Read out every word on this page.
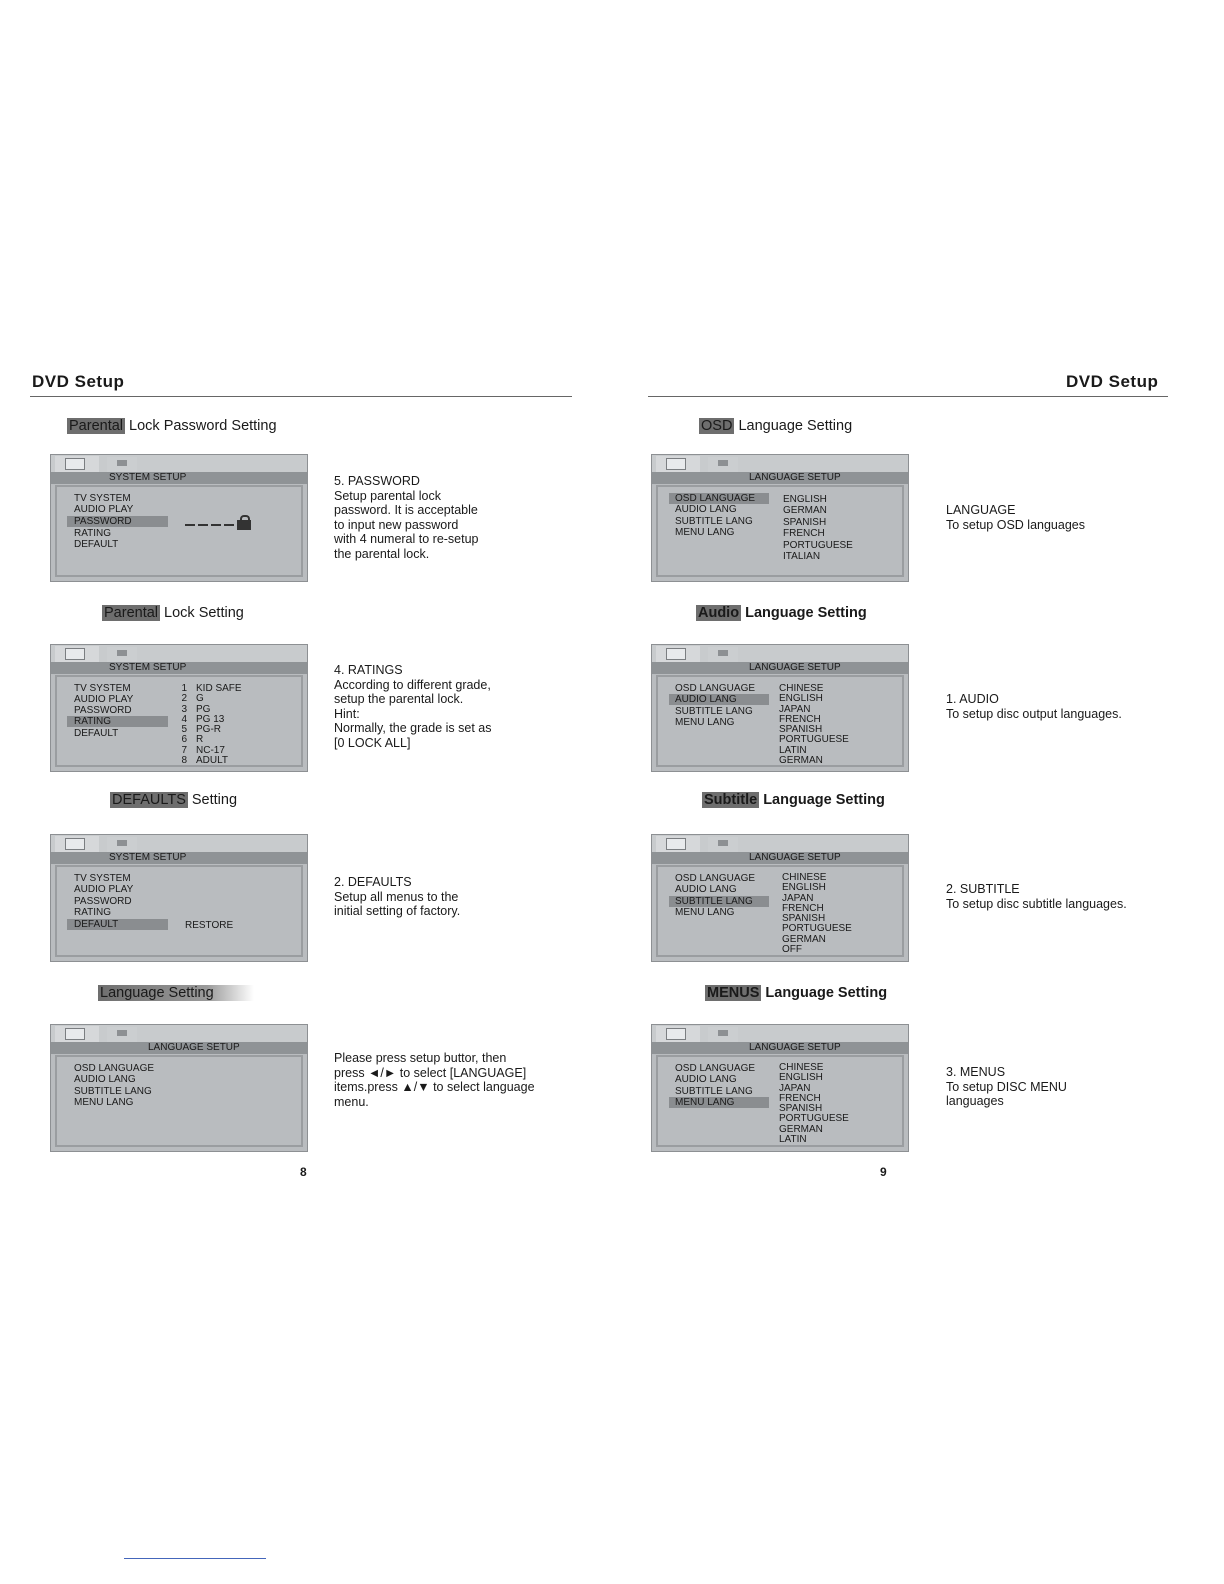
DVD Setup	DVD Setup
Parental Lock Password Setting
SYSTEM SETUP
TV SYSTEM
AUDIO PLAY
PASSWORD
RATING
DEFAULT
5. PASSWORD
Setup parental lock
password. It is acceptable
to input new password
with 4 numeral to re-setup
the parental lock.
Parental Lock Setting
SYSTEM SETUP
TV SYSTEM
AUDIO PLAY
PASSWORD
RATING
DEFAULT
1
2
3
4
5
6
7
8
KID SAFE
G
PG
PG 13
PG-R
R
NC-17
ADULT
4. RATINGS
According to different grade,
setup the parental lock.
Hint:
Normally, the grade is set as
[0 LOCK ALL]
DEFAULTS Setting
SYSTEM SETUP
TV SYSTEM
AUDIO PLAY
PASSWORD
RATING
DEFAULT	RESTORE
2. DEFAULTS
Setup all menus to the
initial setting of factory.
Language Setting
LANGUAGE SETUP
OSD LANGUAGE
AUDIO LANG
SUBTITLE LANG
MENU LANG
Please press setup buttor, then
press ◄/► to select [LANGUAGE]
items.press ▲/▼ to select language
menu.
8
OSD Language Setting
LANGUAGE SETUP
OSD LANGUAGE
AUDIO LANG
SUBTITLE LANG
MENU LANG
ENGLISH
GERMAN
SPANISH
FRENCH
PORTUGUESE
ITALIAN
LANGUAGE
To setup OSD languages
Audio Language Setting
LANGUAGE SETUP
OSD LANGUAGE
AUDIO LANG
SUBTITLE LANG
MENU LANG
CHINESE
ENGLISH
JAPAN
FRENCH
SPANISH
PORTUGUESE
LATIN
GERMAN
1. AUDIO
To setup disc output languages.
Subtitle Language Setting
LANGUAGE SETUP
OSD LANGUAGE
AUDIO LANG
SUBTITLE LANG
MENU LANG
CHINESE
ENGLISH
JAPAN
FRENCH
SPANISH
PORTUGUESE
GERMAN
OFF
2. SUBTITLE
To setup disc subtitle languages.
MENUS Language Setting
LANGUAGE SETUP
OSD LANGUAGE
AUDIO LANG
SUBTITLE LANG
MENU LANG
CHINESE
ENGLISH
JAPAN
FRENCH
SPANISH
PORTUGUESE
GERMAN
LATIN
3. MENUS
To setup DISC MENU
languages
9
